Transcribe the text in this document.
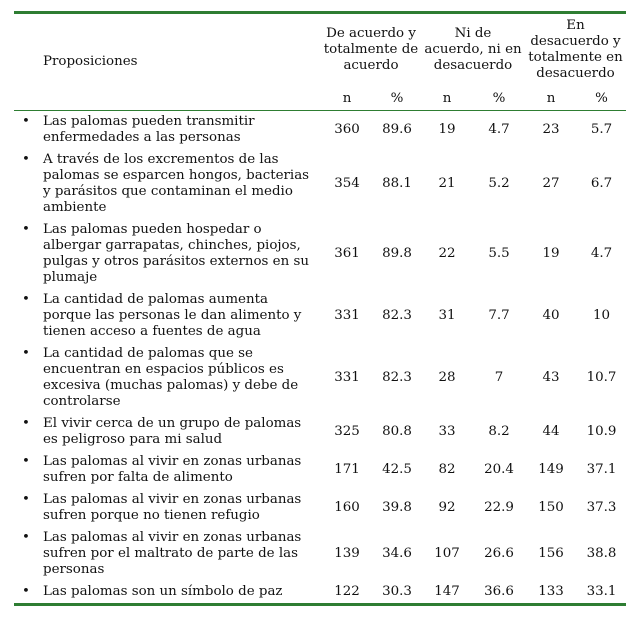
Proposiciones	De acuerdo y totalmente de acuerdo		Ni de acuerdo, ni en desacuerdo		En desacuerdo y totalmente en desacuerdo	
	n	%	n	%	n	%
• Las palomas pueden transmitir enfermedades a las personas	360	89.6	19	4.7	23	5.7
• A través de los excrementos de las palomas se esparcen hongos, bacterias y parásitos que contaminan el medio ambiente	354	88.1	21	5.2	27	6.7
• Las palomas pueden hospedar o albergar garrapatas, chinches, piojos, pulgas y otros parásitos externos en su plumaje	361	89.8	22	5.5	19	4.7
• La cantidad de palomas aumenta porque las personas le dan alimento y tienen acceso a fuentes de agua	331	82.3	31	7.7	40	10
• La cantidad de palomas que se encuentran en espacios públicos es excesiva (muchas palomas) y debe de controlarse	331	82.3	28	7	43	10.7
• El vivir cerca de un grupo de palomas es peligroso para mi salud	325	80.8	33	8.2	44	10.9
• Las palomas al vivir en zonas urbanas sufren por falta de alimento	171	42.5	82	20.4	149	37.1
• Las palomas al vivir en zonas urbanas sufren porque no tienen refugio	160	39.8	92	22.9	150	37.3
• Las palomas al vivir en zonas urbanas sufren por el maltrato de parte de las personas	139	34.6	107	26.6	156	38.8
• Las palomas son un símbolo de paz	122	30.3	147	36.6	133	33.1
